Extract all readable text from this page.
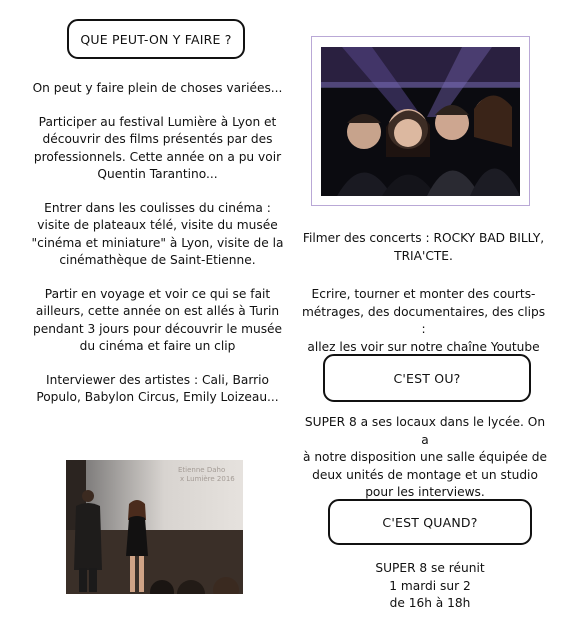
QUE PEUT-ON Y FAIRE ?

On peut y faire plein de choses variées...

Participer au festival Lumière à Lyon et
découvrir des films présentés par des
professionnels. Cette année on a pu voir
Quentin Tarantino...

Entrer dans les coulisses du cinéma :
visite de plateaux télé, visite du musée
"cinéma et miniature" à Lyon, visite de la
cinémathèque de Saint-Etienne.

Partir en voyage et voir ce qui se fait
ailleurs, cette année on est allés à Turin
pendant 3 jours pour découvrir le musée
du cinéma et faire un clip

Interviewer des artistes : Cali, Barrio
Populo, Babylon Circus, Emily Loizeau...

Etienne Daho
x Lumière 2016
Filmer des concerts : ROCKY BAD BILLY,
TRIA'CTE.
Ecrire, tourner et monter des courts-
métrages, des documentaires, des clips :
allez les voir sur notre chaîne Youtube
C'EST OU?
SUPER 8 a ses locaux dans le lycée. On a
à notre disposition une salle équipée de
deux unités de montage et un studio
pour les interviews.
C'EST QUAND?
SUPER 8 se réunit
1 mardi sur 2
de 16h à 18h
